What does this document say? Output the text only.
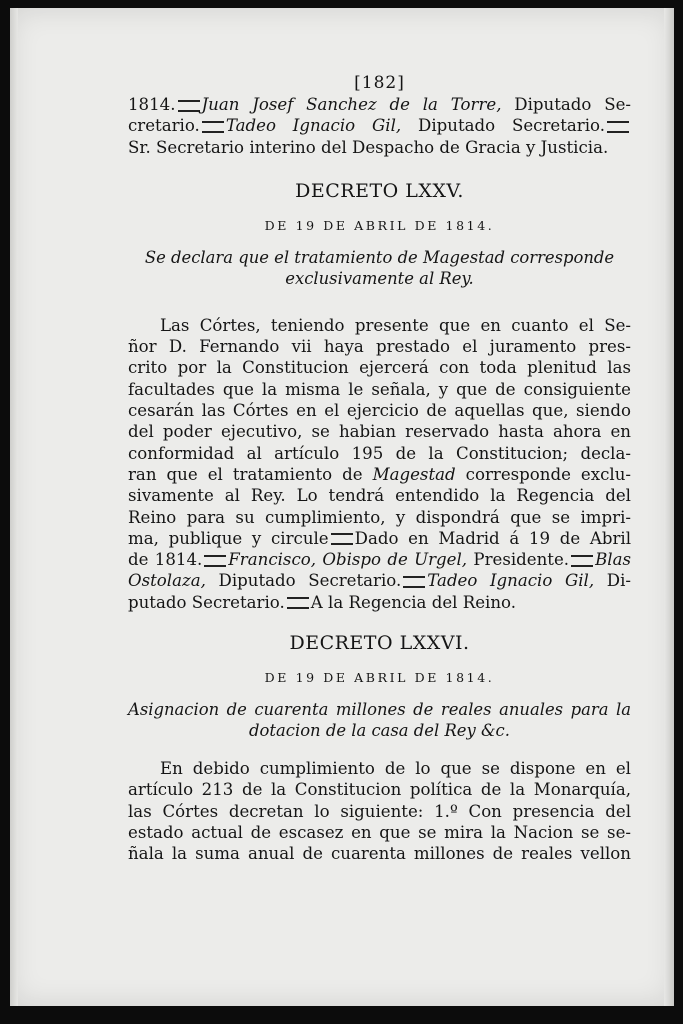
[182]

1814. Juan Josef Sanchez de la Torre, Diputado Se-
cretario. Tadeo Ignacio Gil, Diputado Secretario.
Sr. Secretario interino del Despacho de Gracia y Justicia.

DECRETO LXXV.
DE 19 DE ABRIL DE 1814.
Se declara que el tratamiento de Magestad corresponde
exclusivamente al Rey.

Las Córtes, teniendo presente que en cuanto el Se-
ñor D. Fernando vii haya prestado el juramento pres-
crito por la Constitucion ejercerá con toda plenitud las
facultades que la misma le señala, y que de consiguiente
cesarán las Córtes en el ejercicio de aquellas que, siendo
del poder ejecutivo, se habian reservado hasta ahora en
conformidad al artículo 195 de la Constitucion; decla-
ran que el tratamiento de Magestad corresponde exclu-
sivamente al Rey. Lo tendrá entendido la Regencia del
Reino para su cumplimiento, y dispondrá que se impri-
ma, publique y circule Dado en Madrid á 19 de Abril
de 1814. Francisco, Obispo de Urgel, Presidente. Blas
Ostolaza, Diputado Secretario. Tadeo Ignacio Gil, Di-
putado Secretario. A la Regencia del Reino.

DECRETO LXXVI.
DE 19 DE ABRIL DE 1814.
Asignacion de cuarenta millones de reales anuales para la
dotacion de la casa del Rey &c.

En debido cumplimiento de lo que se dispone en el
artículo 213 de la Constitucion política de la Monarquía,
las Córtes decretan lo siguiente: 1.º Con presencia del
estado actual de escasez en que se mira la Nacion se se-
ñala la suma anual de cuarenta millones de reales vellon
